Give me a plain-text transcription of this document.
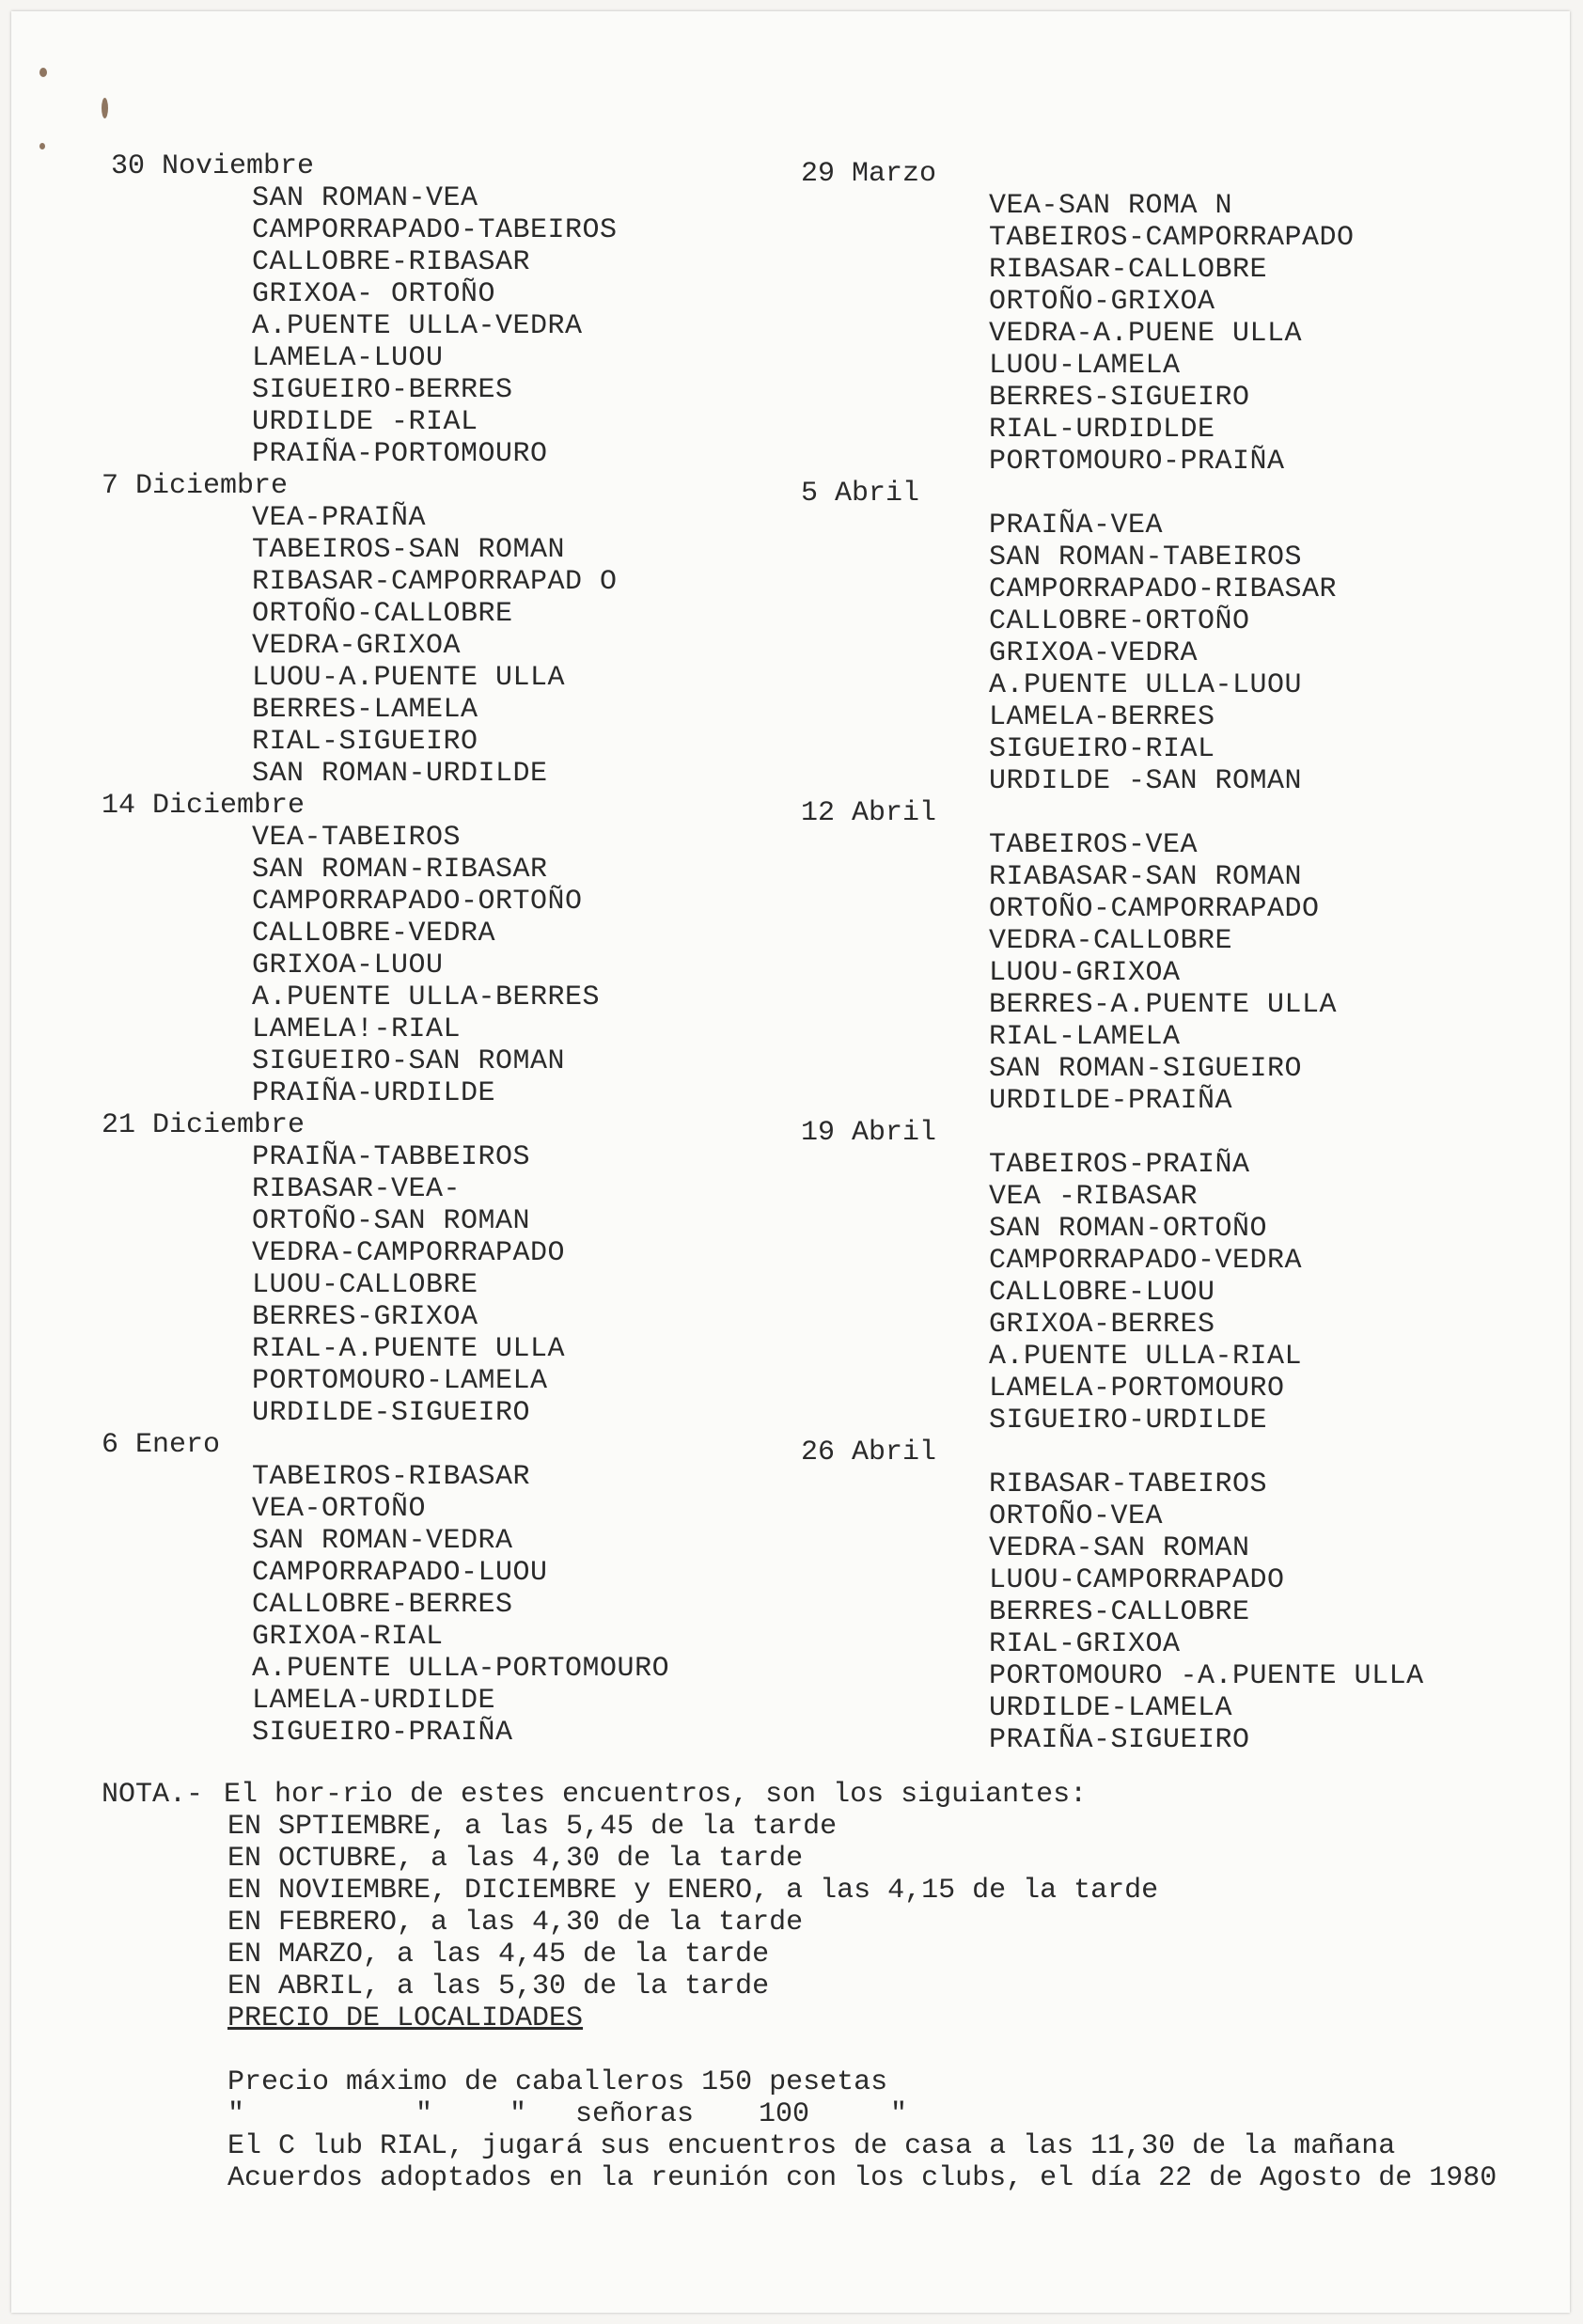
30 Noviembre
SAN ROMAN-VEA
CAMPORRAPADO-TABEIROS
CALLOBRE-RIBASAR
GRIXOA- ORTOÑO
A.PUENTE ULLA-VEDRA
LAMELA-LUOU
SIGUEIRO-BERRES
URDILDE -RIAL
PRAIÑA-PORTOMOURO
7 Diciembre
VEA-PRAIÑA
TABEIROS-SAN ROMAN
RIBASAR-CAMPORRAPAD O
ORTOÑO-CALLOBRE
VEDRA-GRIXOA
LUOU-A.PUENTE ULLA
BERRES-LAMELA
RIAL-SIGUEIRO
SAN ROMAN-URDILDE
14 Diciembre
VEA-TABEIROS
SAN ROMAN-RIBASAR
CAMPORRAPADO-ORTOÑO
CALLOBRE-VEDRA
GRIXOA-LUOU
A.PUENTE ULLA-BERRES
LAMELA!-RIAL
SIGUEIRO-SAN ROMAN
PRAIÑA-URDILDE
21 Diciembre
PRAIÑA-TABBEIROS
RIBASAR-VEA-
ORTOÑO-SAN ROMAN
VEDRA-CAMPORRAPADO
LUOU-CALLOBRE
BERRES-GRIXOA
RIAL-A.PUENTE ULLA
PORTOMOURO-LAMELA
URDILDE-SIGUEIRO
6 Enero
TABEIROS-RIBASAR
VEA-ORTOÑO
SAN ROMAN-VEDRA
CAMPORRAPADO-LUOU
CALLOBRE-BERRES
GRIXOA-RIAL
A.PUENTE ULLA-PORTOMOURO
LAMELA-URDILDE
SIGUEIRO-PRAIÑA
29 Marzo
VEA-SAN ROMA N
TABEIROS-CAMPORRAPADO
RIBASAR-CALLOBRE
ORTOÑO-GRIXOA
VEDRA-A.PUENE ULLA
LUOU-LAMELA
BERRES-SIGUEIRO
RIAL-URDIDLDE
PORTOMOURO-PRAIÑA
5 Abril
PRAIÑA-VEA
SAN ROMAN-TABEIROS
CAMPORRAPADO-RIBASAR
CALLOBRE-ORTOÑO
GRIXOA-VEDRA
A.PUENTE ULLA-LUOU
LAMELA-BERRES
SIGUEIRO-RIAL
URDILDE -SAN ROMAN
12 Abril
TABEIROS-VEA
RIABASAR-SAN ROMAN
ORTOÑO-CAMPORRAPADO
VEDRA-CALLOBRE
LUOU-GRIXOA
BERRES-A.PUENTE ULLA
RIAL-LAMELA
SAN ROMAN-SIGUEIRO
URDILDE-PRAIÑA
19 Abril
TABEIROS-PRAIÑA
VEA -RIBASAR
SAN ROMAN-ORTOÑO
CAMPORRAPADO-VEDRA
CALLOBRE-LUOU
GRIXOA-BERRES
A.PUENTE ULLA-RIAL
LAMELA-PORTOMOURO
SIGUEIRO-URDILDE
26 Abril
RIBASAR-TABEIROS
ORTOÑO-VEA
VEDRA-SAN ROMAN
LUOU-CAMPORRAPADO
BERRES-CALLOBRE
RIAL-GRIXOA
PORTOMOURO -A.PUENTE ULLA
URDILDE-LAMELA
PRAIÑA-SIGUEIRO
NOTA.- El hor-rio de estes encuentros, son los siguiantes:
EN SPTIEMBRE, a las 5,45 de la tarde
EN OCTUBRE, a las 4,30 de la tarde
EN NOVIEMBRE, DICIEMBRE y ENERO, a las 4,15 de la tarde
EN FEBRERO, a las 4,30 de la tarde
EN MARZO, a las 4,45 de la tarde
EN ABRIL, a las 5,30 de la tarde
PRECIO DE LOCALIDADES
Precio máximo de caballeros 150 pesetas
"	"	" señoras 100	"
El C lub RIAL, jugará sus encuentros de casa a las 11,30 de la mañana
Acuerdos adoptados en la reunión con los clubs, el día 22 de Agosto de 1980
